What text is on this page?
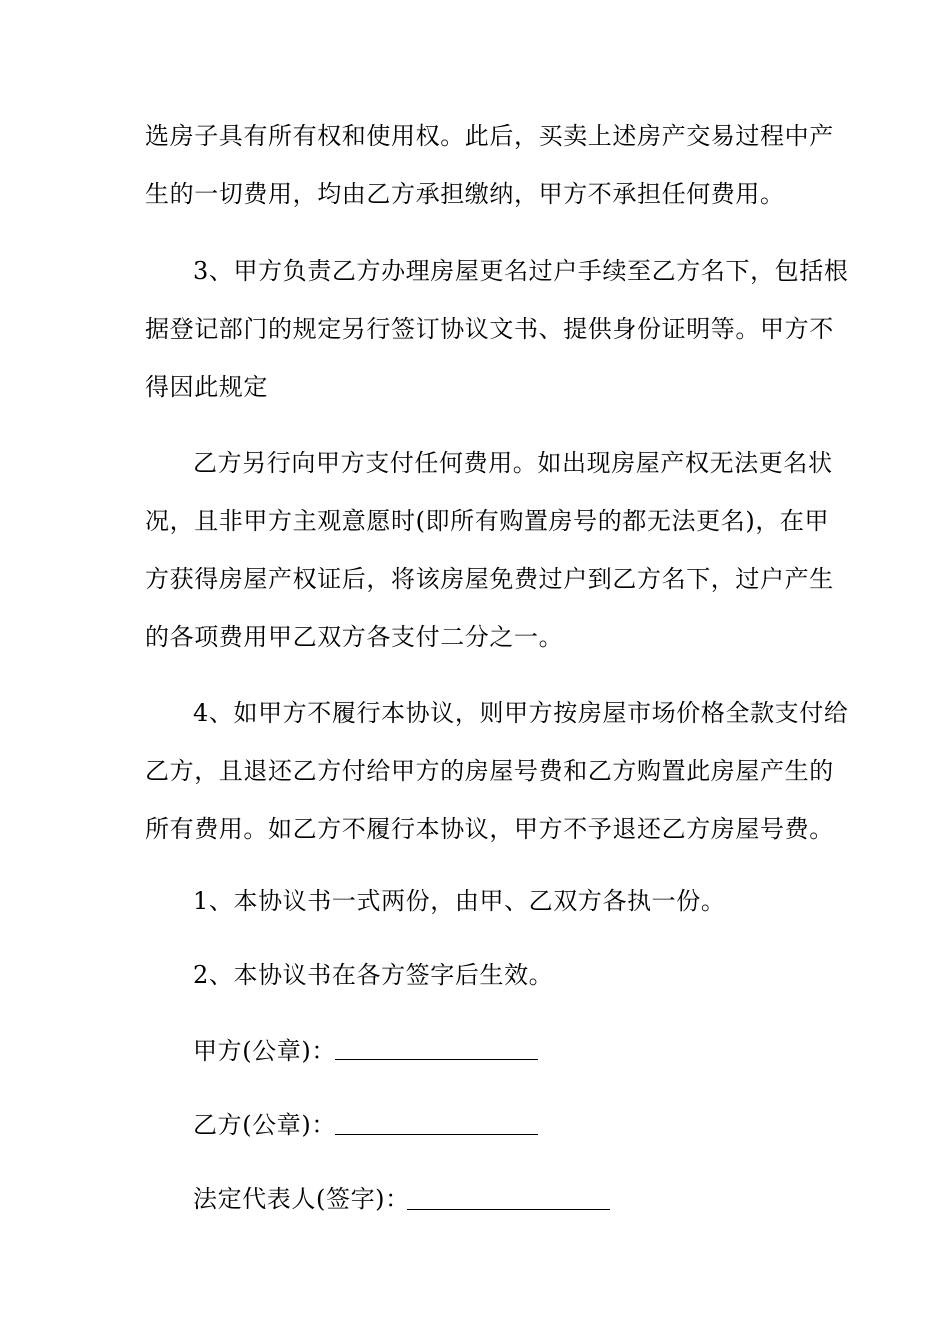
选房子具有所有权和使用权。此后，买卖上述房产交易过程中产
生的一切费用，均由乙方承担缴纳，甲方不承担任何费用。
3、甲方负责乙方办理房屋更名过户手续至乙方名下，包括根
据登记部门的规定另行签订协议文书、提供身份证明等。甲方不
得因此规定
乙方另行向甲方支付任何费用。如出现房屋产权无法更名状
况，且非甲方主观意愿时(即所有购置房号的都无法更名)，在甲
方获得房屋产权证后，将该房屋免费过户到乙方名下，过户产生
的各项费用甲乙双方各支付二分之一。
4、如甲方不履行本协议，则甲方按房屋市场价格全款支付给
乙方，且退还乙方付给甲方的房屋号费和乙方购置此房屋产生的
所有费用。如乙方不履行本协议，甲方不予退还乙方房屋号费。
1、本协议书一式两份，由甲、乙双方各执一份。
2、本协议书在各方签字后生效。
甲方(公章)：
乙方(公章)：
法定代表人(签字)：
